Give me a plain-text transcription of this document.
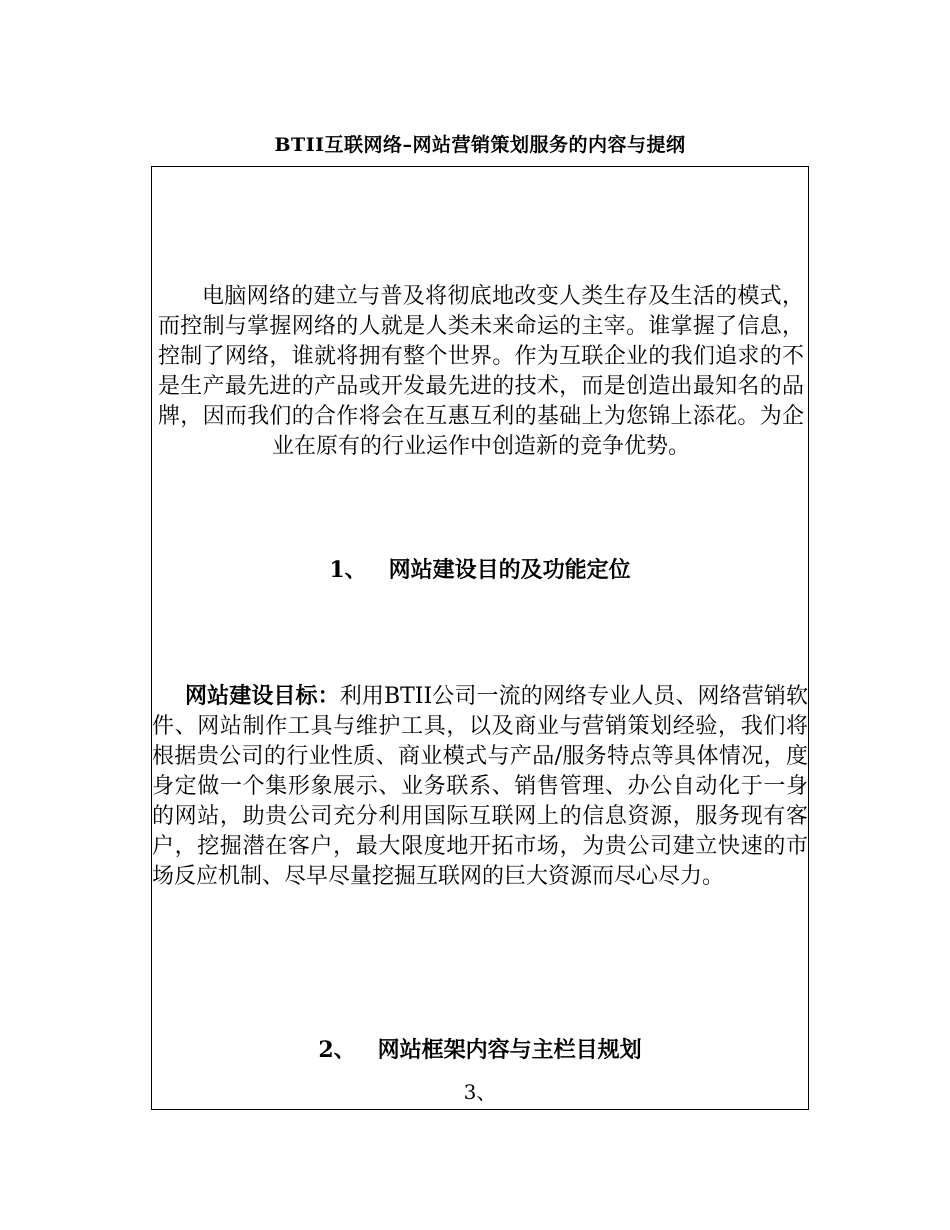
BTII互联网络–网站营销策划服务的内容与提纲

电脑网络的建立与普及将彻底地改变人类生存及生活的模式，而控制与掌握网络的人就是人类未来命运的主宰。谁掌握了信息，控制了网络，谁就将拥有整个世界。作为互联企业的我们追求的不是生产最先进的产品或开发最先进的技术，而是创造出最知名的品牌，因而我们的合作将会在互惠互利的基础上为您锦上添花。为企业在原有的行业运作中创造新的竞争优势。

1、 网站建设目的及功能定位

网站建设目标：利用BTII公司一流的网络专业人员、网络营销软件、网站制作工具与维护工具，以及商业与营销策划经验，我们将根据贵公司的行业性质、商业模式与产品/服务特点等具体情况，度身定做一个集形象展示、业务联系、销售管理、办公自动化于一身的网站，助贵公司充分利用国际互联网上的信息资源，服务现有客户，挖掘潜在客户，最大限度地开拓市场，为贵公司建立快速的市场反应机制、尽早尽量挖掘互联网的巨大资源而尽心尽力。

2、 网站框架内容与主栏目规划

3、
